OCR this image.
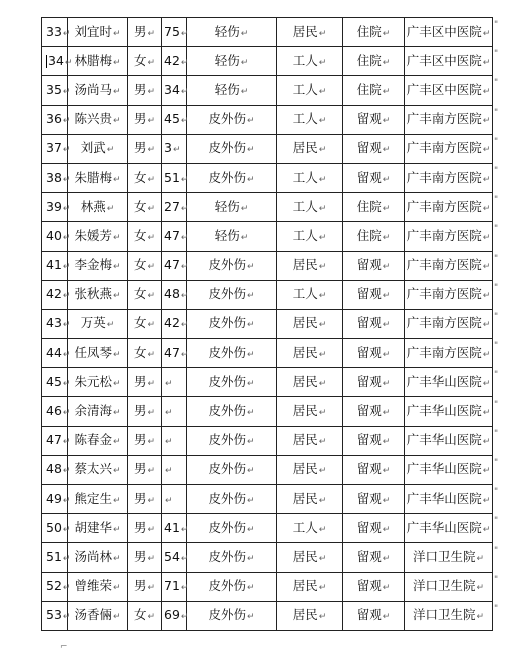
33↵	刘宜时↵	男↵	75↵	轻伤↵	居民↵	住院↵	广丰区中医院↵
34↵	林腊梅↵	女↵	42↵	轻伤↵	工人↵	住院↵	广丰区中医院↵
35↵	汤尚马↵	男↵	34↵	轻伤↵	工人↵	住院↵	广丰区中医院↵
36↵	陈兴贵↵	男↵	45↵	皮外伤↵	工人↵	留观↵	广丰南方医院↵
37↵	刘武↵	男↵	3↵	皮外伤↵	居民↵	留观↵	广丰南方医院↵
38↵	朱腊梅↵	女↵	51↵	皮外伤↵	工人↵	留观↵	广丰南方医院↵
39↵	林燕↵	女↵	27↵	轻伤↵	工人↵	住院↵	广丰南方医院↵
40↵	朱媛芳↵	女↵	47↵	轻伤↵	工人↵	住院↵	广丰南方医院↵
41↵	李金梅↵	女↵	47↵	皮外伤↵	居民↵	留观↵	广丰南方医院↵
42↵	张秋燕↵	女↵	48↵	皮外伤↵	工人↵	留观↵	广丰南方医院↵
43↵	万英↵	女↵	42↵	皮外伤↵	居民↵	留观↵	广丰南方医院↵
44↵	任凤琴↵	女↵	47↵	皮外伤↵	居民↵	留观↵	广丰南方医院↵
45↵	朱元松↵	男↵	↵	皮外伤↵	居民↵	留观↵	广丰华山医院↵
46↵	余清海↵	男↵	↵	皮外伤↵	居民↵	留观↵	广丰华山医院↵
47↵	陈春金↵	男↵	↵	皮外伤↵	居民↵	留观↵	广丰华山医院↵
48↵	蔡太兴↵	男↵	↵	皮外伤↵	居民↵	留观↵	广丰华山医院↵
49↵	熊定生↵	男↵	↵	皮外伤↵	居民↵	留观↵	广丰华山医院↵
50↵	胡建华↵	男↵	41↵	皮外伤↵	工人↵	留观↵	广丰华山医院↵
51↵	汤尚林↵	男↵	54↵	皮外伤↵	居民↵	留观↵	洋口卫生院↵
52↵	曾维荣↵	男↵	71↵	皮外伤↵	居民↵	留观↵	洋口卫生院↵
53↵	汤香倆↵	女↵	69↵	皮外伤↵	居民↵	留观↵	洋口卫生院↵
"
"
"
"
"
"
"
"
"
"
"
"
"
"
"
"
"
"
"
"
"
⌐
